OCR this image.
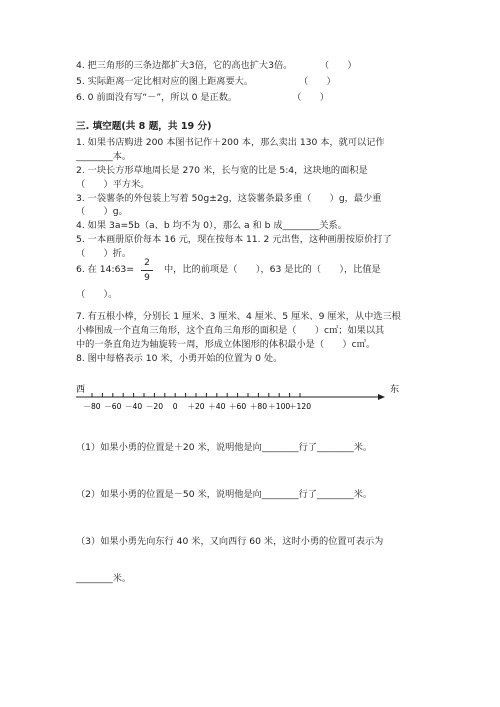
4. 把三角形的三条边都扩大3倍，它的高也扩大3倍。　　　　（　　）
5. 实际距离一定比相对应的图上距离要大。　　　　　　（　　）
6. 0 前面没有写“－”，所以 0 是正数。　　　　　　　（　　）
三. 填空题(共 8 题，共 19 分)
1. 如果书店购进 200 本图书记作＋200 本，那么卖出 130 本，就可以记作
________本。
2. 一块长方形草地周长是 270 米，长与宽的比是 5:4，这块地的面积是
（　　）平方米。
3. 一袋薯条的外包装上写着 50g±2g，这袋薯条最多重（　　）g，最少重
（　　）g。
4. 如果 3a=5b（a、b 均不为 0），那么 a 和 b 成________关系。
5. 一本画册原价每本 16 元，现在按每本 11. 2 元出售，这种画册按原价打了
（　　）折。
6. 在 14:63=
2
9
中，比的前项是（　　），63 是比的（　　），比值是
（　　）。
7. 有五根小棒，分别长 1 厘米、3 厘米、4 厘米、5 厘米、9 厘米，从中选三根
小棒围成一个直角三角形，这个直角三角形的面积是（　　）c㎡；如果以其
中的一条直角边为轴旋转一周，形成立体图形的体积最小是（　　）c㎥。
8. 图中每格表示 10 米，小勇开始的位置为 0 处。
西	东
－80 －60 －40 －20 0 ＋20 ＋40 ＋60 ＋80 ＋100
＋120
（1）如果小勇的位置是＋20 米，说明他是向________行了________米。
（2）如果小勇的位置是－50 米，说明他是向________行了________米。
（3）如果小勇先向东行 40 米，又向西行 60 米，这时小勇的位置可表示为
________米。
